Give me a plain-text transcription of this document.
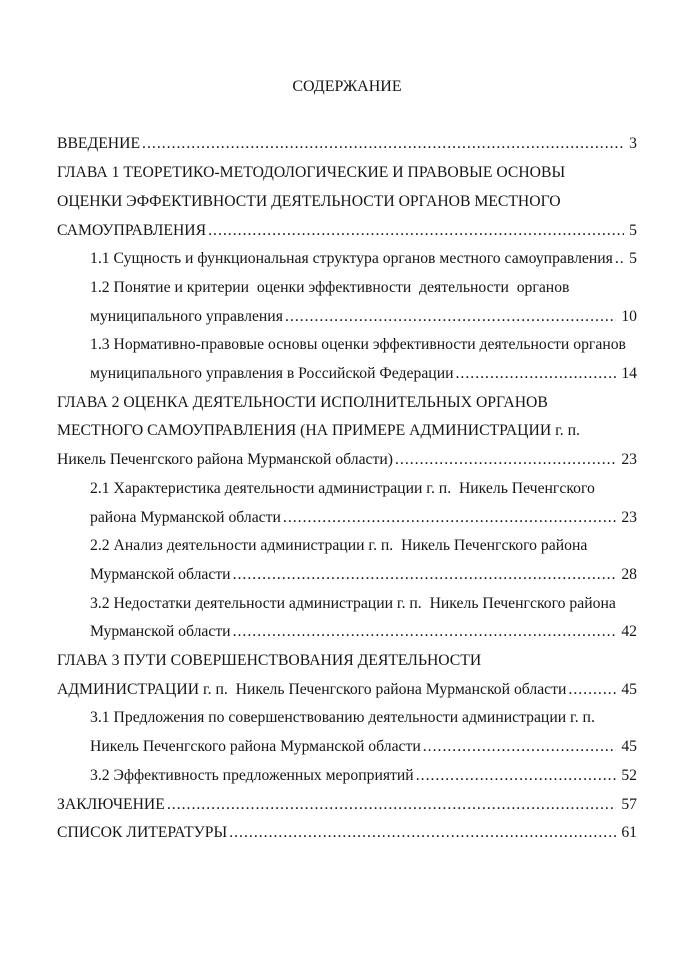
СОДЕРЖАНИЕ
ВВЕДЕНИЕ .....	3
ГЛАВА 1 ТЕОРЕТИКО-МЕТОДОЛОГИЧЕСКИЕ И ПРАВОВЫЕ ОСНОВЫ
ОЦЕНКИ ЭФФЕКТИВНОСТИ ДЕЯТЕЛЬНОСТИ ОРГАНОВ МЕСТНОГО
САМОУПРАВЛЕНИЯ .....	5
1.1 Сущность и функциональная структура органов местного самоуправления .....	5
1.2 Понятие и критерии  оценки эффективности  деятельности  органов
муниципального управления .....	10
1.3 Нормативно-правовые основы оценки эффективности деятельности органов
муниципального управления в Российской Федерации .....	14
ГЛАВА 2 ОЦЕНКА ДЕЯТЕЛЬНОСТИ ИСПОЛНИТЕЛЬНЫХ ОРГАНОВ
МЕСТНОГО САМОУПРАВЛЕНИЯ (НА ПРИМЕРЕ АДМИНИСТРАЦИИ г. п.
Никель Печенгского района Мурманской области) .....	23
2.1 Характеристика деятельности администрации г. п.  Никель Печенгского
района Мурманской области .....	23
2.2 Анализ деятельности администрации г. п.  Никель Печенгского района
Мурманской области .....	28
3.2 Недостатки деятельности администрации г. п.  Никель Печенгского района
Мурманской области .....	42
ГЛАВА 3 ПУТИ СОВЕРШЕНСТВОВАНИЯ ДЕЯТЕЛЬНОСТИ
АДМИНИСТРАЦИИ г. п.  Никель Печенгского района Мурманской области .....	45
3.1 Предложения по совершенствованию деятельности администрации г. п.
Никель Печенгского района Мурманской области .....	45
3.2 Эффективность предложенных мероприятий .....	52
ЗАКЛЮЧЕНИЕ .....	57
СПИСОК ЛИТЕРАТУРЫ .....	61
